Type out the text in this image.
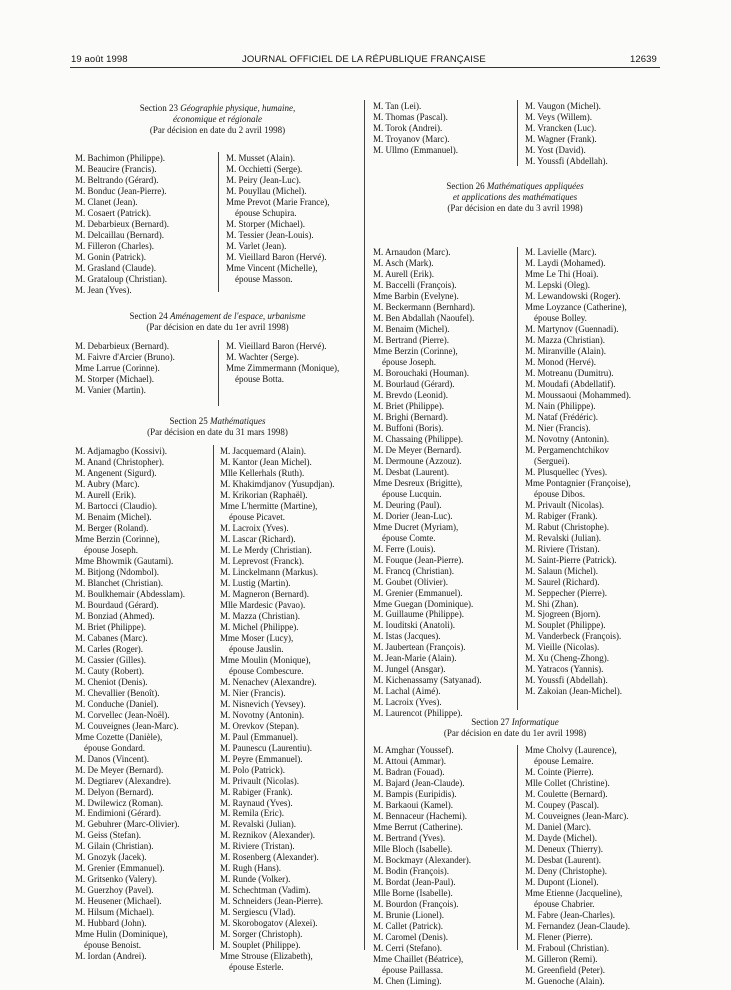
19 août 1998	JOURNAL OFFICIEL DE LA RÉPUBLIQUE FRANÇAISE	12639
Section 23 Géographie physique, humaine,
économique et régionale
(Par décision en date du 2 avril 1998)
M. Bachimon (Philippe).
M. Beaucire (Francis).
M. Beltrando (Gérard).
M. Bonduc (Jean-Pierre).
M. Clanet (Jean).
M. Cosaert (Patrick).
M. Debarbieux (Bernard).
M. Delcaillau (Bernard).
M. Filleron (Charles).
M. Gonin (Patrick).
M. Grasland (Claude).
M. Grataloup (Christian).
M. Jean (Yves).
M. Musset (Alain).
M. Occhietti (Serge).
M. Peiry (Jean-Luc).
M. Pouyllau (Michel).
Mme Prevot (Marie France),
épouse Schupira.
M. Storper (Michael).
M. Tessier (Jean-Louis).
M. Varlet (Jean).
M. Vieillard Baron (Hervé).
Mme Vincent (Michelle),
épouse Masson.
Section 24 Aménagement de l'espace, urbanisme
(Par décision en date du 1er avril 1998)
M. Debarbieux (Bernard).
M. Faivre d'Arcier (Bruno).
Mme Larrue (Corinne).
M. Storper (Michael).
M. Vanier (Martin).
M. Vieillard Baron (Hervé).
M. Wachter (Serge).
Mme Zimmermann (Monique),
épouse Botta.
Section 25 Mathématiques
(Par décision en date du 31 mars 1998)
M. Adjamagbo (Kossivi).
M. Anand (Christopher).
M. Angenent (Sigurd).
M. Aubry (Marc).
M. Aurell (Erik).
M. Bartocci (Claudio).
M. Benaim (Michel).
M. Berger (Roland).
Mme Berzin (Corinne),
épouse Joseph.
Mme Bhowmik (Gautami).
M. Bitjong (Ndombol).
M. Blanchet (Christian).
M. Boulkhemair (Abdesslam).
M. Bourdaud (Gérard).
M. Bonziad (Ahmed).
M. Briet (Philippe).
M. Cabanes (Marc).
M. Carles (Roger).
M. Cassier (Gilles).
M. Cauty (Robert).
M. Cheniot (Denis).
M. Chevallier (Benoît).
M. Conduche (Daniel).
M. Corvellec (Jean-Noël).
M. Couveignes (Jean-Marc).
Mme Cozette (Danièle),
épouse Gondard.
M. Danos (Vincent).
M. De Meyer (Bernard).
M. Degtiarev (Alexandre).
M. Delyon (Bernard).
M. Dwilewicz (Roman).
M. Endimioni (Gérard).
M. Gebuhrer (Marc-Olivier).
M. Geiss (Stefan).
M. Gilain (Christian).
M. Gnozyk (Jacek).
M. Grenier (Emmanuel).
M. Gritsenko (Valery).
M. Guerzhoy (Pavel).
M. Heusener (Michael).
M. Hilsum (Michael).
M. Hubbard (John).
Mme Hulin (Dominique),
épouse Benoist.
M. Iordan (Andrei).
M. Jacquemard (Alain).
M. Kantor (Jean Michel).
Mlle Kellerhals (Ruth).
M. Khakimdjanov (Yusupdjan).
M. Krikorian (Raphaël).
Mme L'hermitte (Martine),
épouse Picavet.
M. Lacroix (Yves).
M. Lascar (Richard).
M. Le Merdy (Christian).
M. Leprevost (Franck).
M. Linckelmann (Markus).
M. Lustig (Martin).
M. Magneron (Bernard).
Mlle Mardesic (Pavao).
M. Mazza (Christian).
M. Michel (Philippe).
Mme Moser (Lucy),
épouse Jauslin.
Mme Moulin (Monique),
épouse Combescure.
M. Nenachev (Alexandre).
M. Nier (Francis).
M. Nisnevich (Yevsey).
M. Novotny (Antonin).
M. Orevkov (Stepan).
M. Paul (Emmanuel).
M. Paunescu (Laurentiu).
M. Peyre (Emmanuel).
M. Polo (Patrick).
M. Privault (Nicolas).
M. Rabiger (Frank).
M. Raynaud (Yves).
M. Remila (Eric).
M. Revalski (Julian).
M. Reznikov (Alexander).
M. Riviere (Tristan).
M. Rosenberg (Alexander).
M. Rugh (Hans).
M. Runde (Volker).
M. Schechtman (Vadim).
M. Schneiders (Jean-Pierre).
M. Sergiescu (Vlad).
M. Skorobogatov (Alexei).
M. Sorger (Christoph).
M. Souplet (Philippe).
Mme Strouse (Elizabeth),
épouse Esterle.
M. Tan (Lei).
M. Thomas (Pascal).
M. Torok (Andrei).
M. Troyanov (Marc).
M. Ullmo (Emmanuel).
M. Vaugon (Michel).
M. Veys (Willem).
M. Vrancken (Luc).
M. Wagner (Frank).
M. Yost (David).
M. Youssfi (Abdellah).
Section 26 Mathématiques appliquées
et applications des mathématiques
(Par décision en date du 3 avril 1998)
M. Arnaudon (Marc).
M. Asch (Mark).
M. Aurell (Erik).
M. Baccelli (François).
Mme Barbin (Evelyne).
M. Beckermann (Bernhard).
M. Ben Abdallah (Naoufel).
M. Benaim (Michel).
M. Bertrand (Pierre).
Mme Berzin (Corinne),
épouse Joseph.
M. Borouchaki (Houman).
M. Bourlaud (Gérard).
M. Brevdo (Leonid).
M. Briet (Philippe).
M. Brighi (Bernard).
M. Buffoni (Boris).
M. Chassaing (Philippe).
M. De Meyer (Bernard).
M. Dermoune (Azzouz).
M. Desbat (Laurent).
Mme Desreux (Brigitte),
épouse Lucquin.
M. Deuring (Paul).
M. Dorier (Jean-Luc).
Mme Ducret (Myriam),
épouse Comte.
M. Ferre (Louis).
M. Fouque (Jean-Pierre).
M. Francq (Christian).
M. Goubet (Olivier).
M. Grenier (Emmanuel).
Mme Guegan (Dominique).
M. Guillaume (Philippe).
M. Iouditski (Anatoli).
M. Istas (Jacques).
M. Jaubertean (François).
M. Jean-Marie (Alain).
M. Jungel (Ansgar).
M. Kichenassamy (Satyanad).
M. Lachal (Aimé).
M. Lacroix (Yves).
M. Laurencot (Philippe).
M. Lavielle (Marc).
M. Laydi (Mohamed).
Mme Le Thi (Hoai).
M. Lepski (Oleg).
M. Lewandowski (Roger).
Mme Loyzance (Catherine),
épouse Bolley.
M. Martynov (Guennadi).
M. Mazza (Christian).
M. Miranville (Alain).
M. Monod (Hervé).
M. Motreanu (Dumitru).
M. Moudafi (Abdellatif).
M. Moussaoui (Mohammed).
M. Nain (Philippe).
M. Nataf (Frédéric).
M. Nier (Francis).
M. Novotny (Antonin).
M. Pergamenchtchikov
(Serguei).
M. Plusquellec (Yves).
Mme Pontagnier (Françoise),
épouse Dibos.
M. Privault (Nicolas).
M. Rabiger (Frank).
M. Rabut (Christophe).
M. Revalski (Julian).
M. Riviere (Tristan).
M. Saint-Pierre (Patrick).
M. Salaun (Michel).
M. Saurel (Richard).
M. Seppecher (Pierre).
M. Shi (Zhan).
M. Sjogreen (Bjorn).
M. Souplet (Philippe).
M. Vanderbeck (François).
M. Vieille (Nicolas).
M. Xu (Cheng-Zhong).
M. Yatracos (Yannis).
M. Youssfi (Abdellah).
M. Zakoian (Jean-Michel).
Section 27 Informatique
(Par décision en date du 1er avril 1998)
M. Amghar (Youssef).
M. Attoui (Ammar).
M. Badran (Fouad).
M. Bajard (Jean-Claude).
M. Bampis (Euripidis).
M. Barkaoui (Kamel).
M. Bennaceur (Hachemi).
Mme Berrut (Catherine).
M. Bertrand (Yves).
Mlle Bloch (Isabelle).
M. Bockmayr (Alexander).
M. Bodin (François).
M. Bordat (Jean-Paul).
Mlle Borne (Isabelle).
M. Bourdon (François).
M. Brunie (Lionel).
M. Callet (Patrick).
M. Caromel (Denis).
M. Cerri (Stefano).
Mme Chaillet (Béatrice),
épouse Paillassa.
M. Chen (Liming).
Mme Cholvy (Laurence),
épouse Lemaire.
M. Cointe (Pierre).
Mlle Collet (Christine).
M. Coulette (Bernard).
M. Coupey (Pascal).
M. Couveignes (Jean-Marc).
M. Daniel (Marc).
M. Dayde (Michel).
M. Deneux (Thierry).
M. Desbat (Laurent).
M. Deny (Christophe).
M. Dupont (Lionel).
Mme Etienne (Jacqueline),
épouse Chabrier.
M. Fabre (Jean-Charles).
M. Fernandez (Jean-Claude).
M. Flener (Pierre).
M. Fraboul (Christian).
M. Gilleron (Remi).
M. Greenfield (Peter).
M. Guenoche (Alain).
